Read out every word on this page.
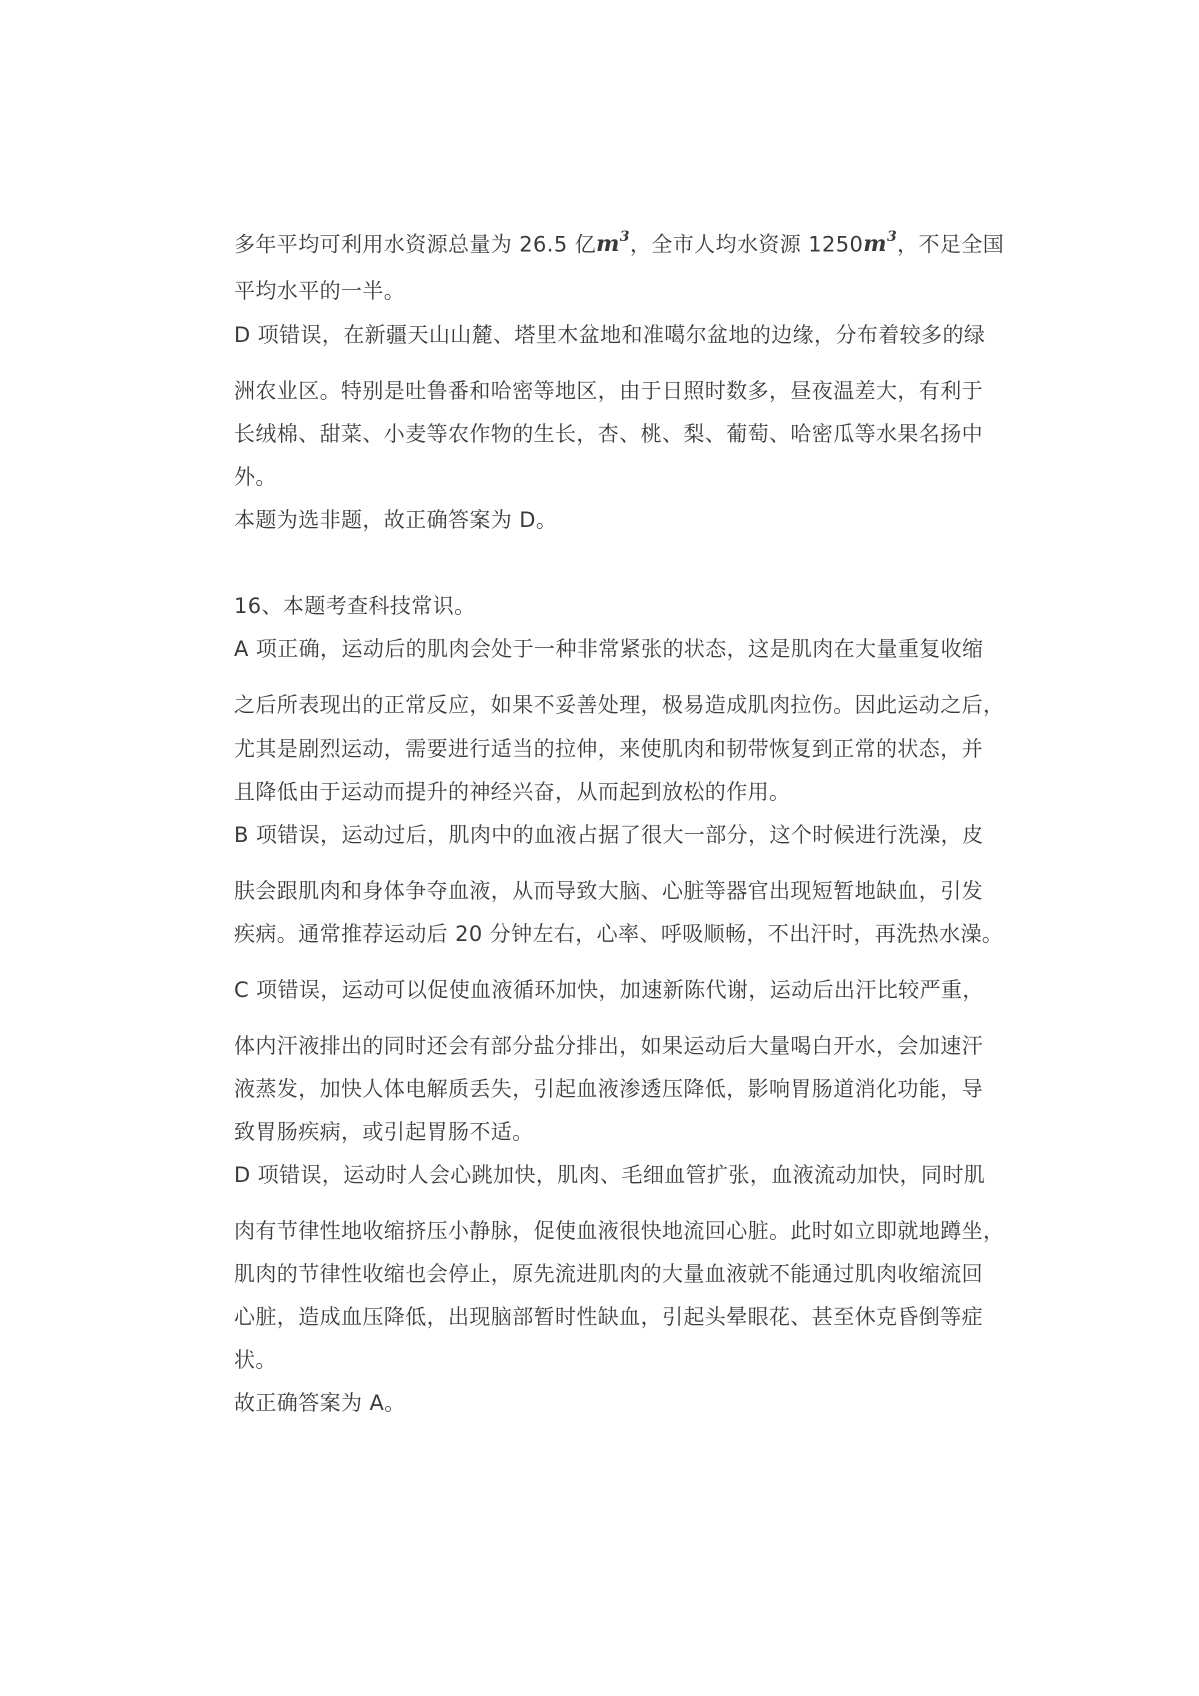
多年平均可利用水资源总量为 26.5 亿$m^3$，全市人均水资源 $1250m^3$，不足全国
平均水平的一半。
D 项错误，在新疆天山山麓、塔里木盆地和准噶尔盆地的边缘，分布着较多的绿
洲农业区。特别是吐鲁番和哈密等地区，由于日照时数多，昼夜温差大，有利于
长绒棉、甜菜、小麦等农作物的生长，杏、桃、梨、葡萄、哈密瓜等水果名扬中
外。
本题为选非题，故正确答案为 D。
16、本题考查科技常识。
A 项正确，运动后的肌肉会处于一种非常紧张的状态，这是肌肉在大量重复收缩
之后所表现出的正常反应，如果不妥善处理，极易造成肌肉拉伤。因此运动之后，
尤其是剧烈运动，需要进行适当的拉伸，来使肌肉和韧带恢复到正常的状态，并
且降低由于运动而提升的神经兴奋，从而起到放松的作用。
B 项错误，运动过后，肌肉中的血液占据了很大一部分，这个时候进行洗澡，皮
肤会跟肌肉和身体争夺血液，从而导致大脑、心脏等器官出现短暂地缺血，引发
疾病。通常推荐运动后 20 分钟左右，心率、呼吸顺畅，不出汗时，再洗热水澡。
C 项错误，运动可以促使血液循环加快，加速新陈代谢，运动后出汗比较严重，
体内汗液排出的同时还会有部分盐分排出，如果运动后大量喝白开水，会加速汗
液蒸发，加快人体电解质丢失，引起血液渗透压降低，影响胃肠道消化功能，导
致胃肠疾病，或引起胃肠不适。
D 项错误，运动时人会心跳加快，肌肉、毛细血管扩张，血液流动加快，同时肌
肉有节律性地收缩挤压小静脉，促使血液很快地流回心脏。此时如立即就地蹲坐，
肌肉的节律性收缩也会停止，原先流进肌肉的大量血液就不能通过肌肉收缩流回
心脏，造成血压降低，出现脑部暂时性缺血，引起头晕眼花、甚至休克昏倒等症
状。
故正确答案为 A。
